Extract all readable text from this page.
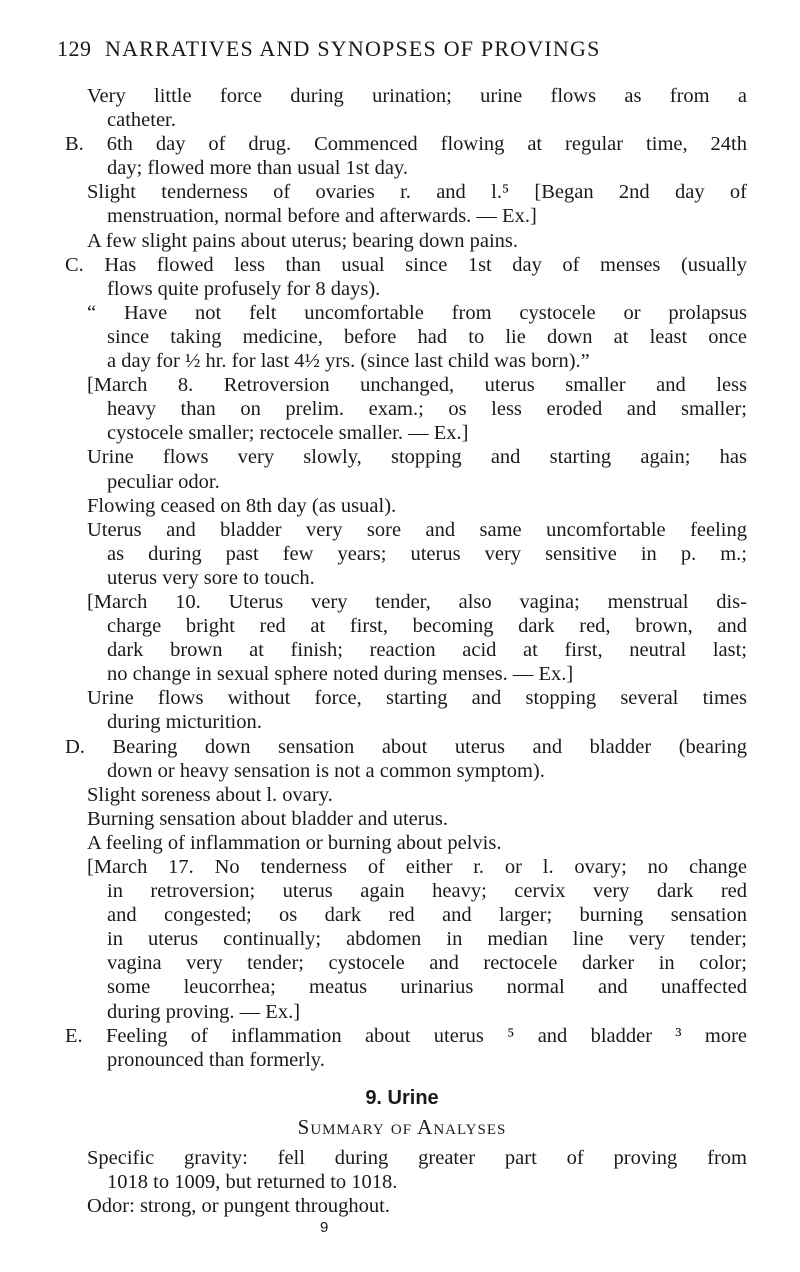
129 NARRATIVES AND SYNOPSES OF PROVINGS
Very little force during urination; urine flows as from a
catheter.
B. 6th day of drug. Commenced flowing at regular time, 24th
day; flowed more than usual 1st day.
Slight tenderness of ovaries r. and l.⁵ [Began 2nd day of
menstruation, normal before and afterwards. — Ex.]
A few slight pains about uterus; bearing down pains.
C. Has flowed less than usual since 1st day of menses (usually
flows quite profusely for 8 days).
“ Have not felt uncomfortable from cystocele or prolapsus
since taking medicine, before had to lie down at least once
a day for ½ hr. for last 4½ yrs. (since last child was born).”
[March 8. Retroversion unchanged, uterus smaller and less
heavy than on prelim. exam.; os less eroded and smaller;
cystocele smaller; rectocele smaller. — Ex.]
Urine flows very slowly, stopping and starting again; has
peculiar odor.
Flowing ceased on 8th day (as usual).
Uterus and bladder very sore and same uncomfortable feeling
as during past few years; uterus very sensitive in p. m.;
uterus very sore to touch.
[March 10. Uterus very tender, also vagina; menstrual dis-
charge bright red at first, becoming dark red, brown, and
dark brown at finish; reaction acid at first, neutral last;
no change in sexual sphere noted during menses. — Ex.]
Urine flows without force, starting and stopping several times
during micturition.
D. Bearing down sensation about uterus and bladder (bearing
down or heavy sensation is not a common symptom).
Slight soreness about l. ovary.
Burning sensation about bladder and uterus.
A feeling of inflammation or burning about pelvis.
[March 17. No tenderness of either r. or l. ovary; no change
in retroversion; uterus again heavy; cervix very dark red
and congested; os dark red and larger; burning sensation
in uterus continually; abdomen in median line very tender;
vagina very tender; cystocele and rectocele darker in color;
some leucorrhea; meatus urinarius normal and unaffected
during proving. — Ex.]
E. Feeling of inflammation about uterus ⁵ and bladder ³ more
pronounced than formerly.
9. Urine
Summary of Analyses
Specific gravity: fell during greater part of proving from
1018 to 1009, but returned to 1018.
Odor: strong, or pungent throughout.
9
